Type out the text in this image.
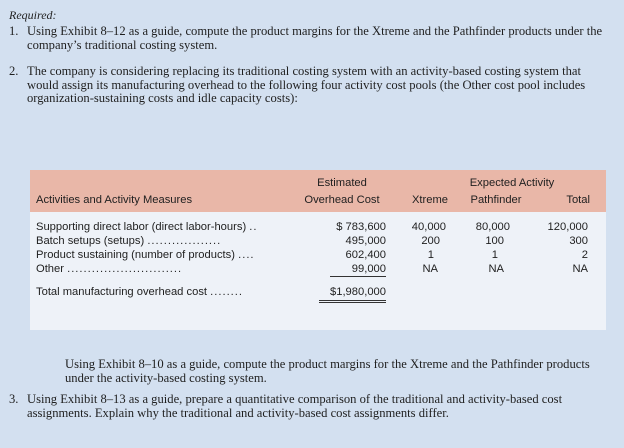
Required:
1. Using Exhibit 8–12 as a guide, compute the product margins for the Xtreme and the Pathfinder products under the company’s traditional costing system.
2. The company is considering replacing its traditional costing system with an activity-based costing system that would assign its manufacturing overhead to the following four activity cost pools (the Other cost pool includes organization-sustaining costs and idle capacity costs):
Estimated	Expected Activity
Activities and Activity Measures	Overhead Cost	Xtreme	Pathfinder	Total
Supporting direct labor (direct labor-hours) ..	$ 783,600	40,000	80,000	120,000
Batch setups (setups) ..................	495,000	200	100	300
Product sustaining (number of products) ....	602,400	1	1	2
Other ............................	99,000	NA	NA	NA
Total manufacturing overhead cost ........	$1,980,000
Using Exhibit 8–10 as a guide, compute the product margins for the Xtreme and the Pathfinder products under the activity-based costing system.
3. Using Exhibit 8–13 as a guide, prepare a quantitative comparison of the traditional and activity-based cost assignments. Explain why the traditional and activity-based cost assignments differ.
